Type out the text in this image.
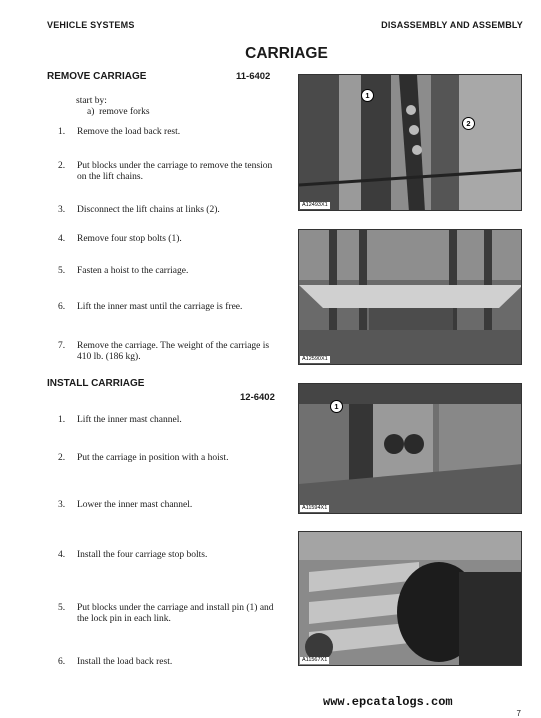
VEHICLE SYSTEMS	DISASSEMBLY AND ASSEMBLY
CARRIAGE
REMOVE CARRIAGE	11-6402
start by:
a)  remove forks
1.	Remove the load back rest.
2.	Put blocks under the carriage to remove the tension on the lift chains.
3.	Disconnect the lift chains at links (2).
4.	Remove four stop bolts (1).
5.	Fasten a hoist to the carriage.
6.	Lift the inner mast until the carriage is free.
7.	Remove the carriage. The weight of the carriage is 410 lb. (186 kg).
INSTALL CARRIAGE
12-6402
1.	Lift the inner mast channel.
2.	Put the carriage in position with a hoist.
3.	Lower the inner mast channel.
4.	Install the four carriage stop bolts.
5.	Put blocks under the carriage and install pin (1) and the lock pin in each link.
6.	Install the load back rest.
1
2
A12493X1
A12590X1
1
A11594X1
A11567X1
www.epcatalogs.com
7
